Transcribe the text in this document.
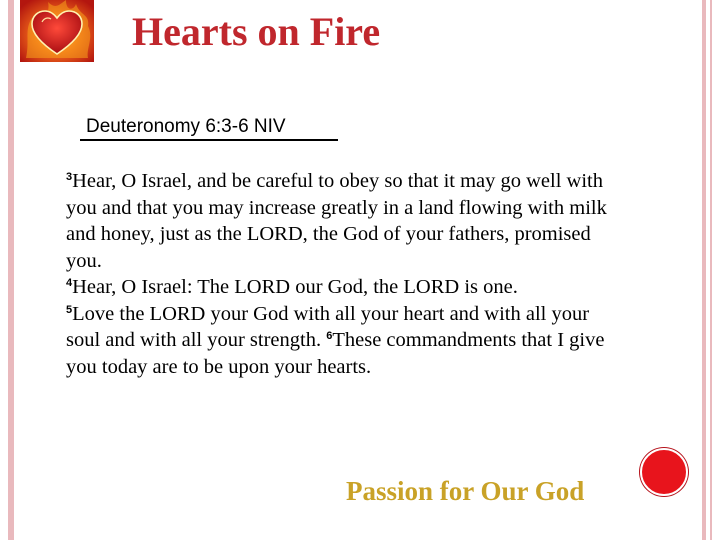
Hearts on Fire
Deuteronomy 6:3-6 NIV
$^3$Hear, O Israel, and be careful to obey so that it may go well with you and that you may increase greatly in a land flowing with milk and honey, just as the LORD, the God of your fathers, promised you.
$^4$Hear, O Israel: The LORD our God, the LORD is one.
$^5$Love the LORD your God with all your heart and with all your soul and with all your strength. $^6$These commandments that I give you today are to be upon your hearts.
Passion for Our God
